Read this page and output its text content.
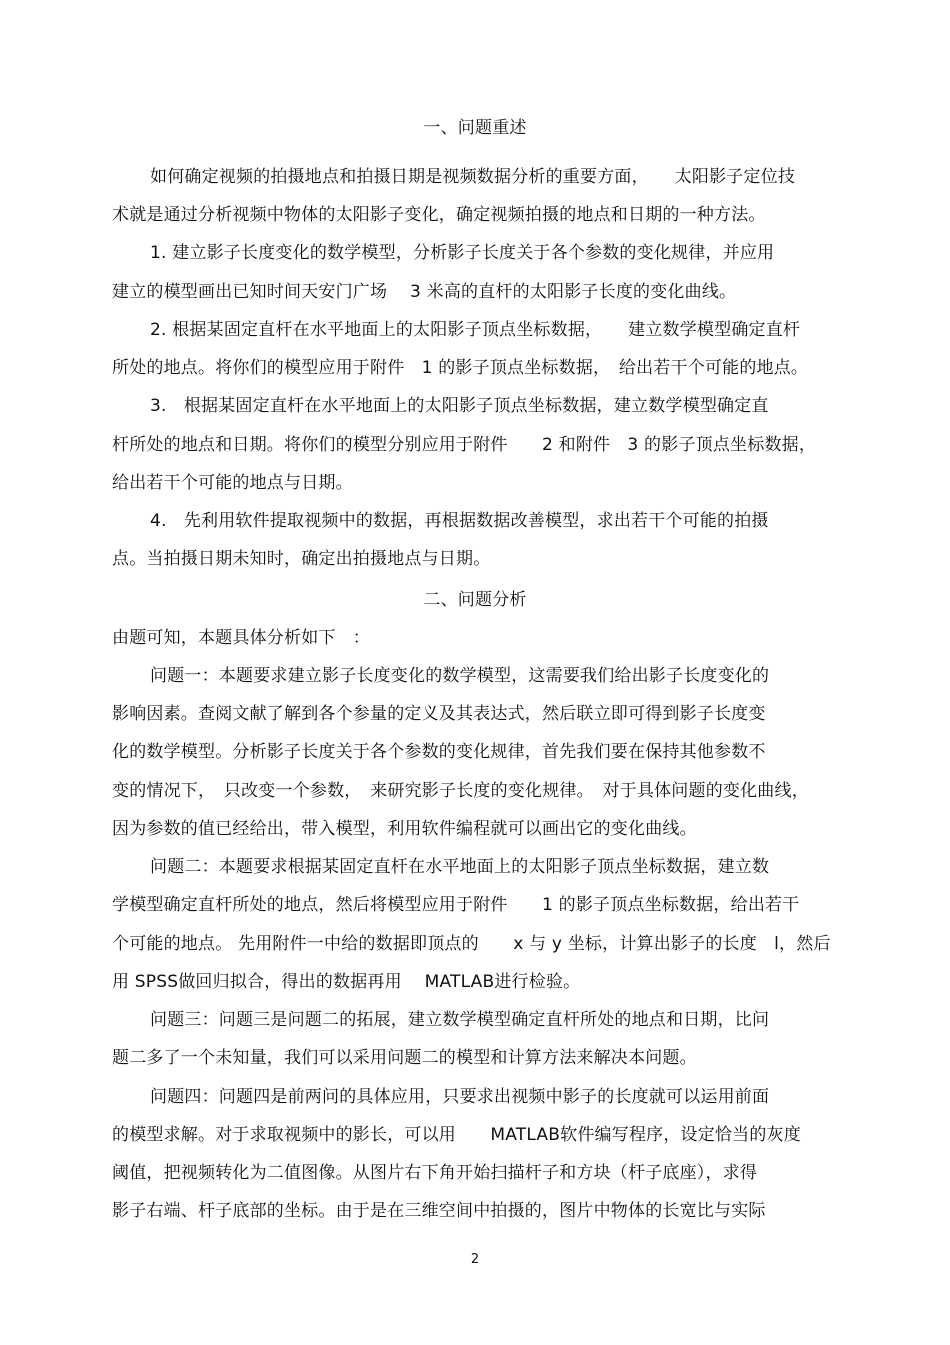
一、问题重述
如何确定视频的拍摄地点和拍摄日期是视频数据分析的重要方面，　　太阳影子定位技
术就是通过分析视频中物体的太阳影子变化，确定视频拍摄的地点和日期的一种方法。
1. 建立影子长度变化的数学模型，分析影子长度关于各个参数的变化规律，并应用
建立的模型画出已知时间天安门广场　 3 米高的直杆的太阳影子长度的变化曲线。
2. 根据某固定直杆在水平地面上的太阳影子顶点坐标数据，　　建立数学模型确定直杆
所处的地点。将你们的模型应用于附件　1 的影子顶点坐标数据，　给出若干个可能的地点。
3.　根据某固定直杆在水平地面上的太阳影子顶点坐标数据，建立数学模型确定直
杆所处的地点和日期。将你们的模型分别应用于附件　　2 和附件　3 的影子顶点坐标数据，
给出若干个可能的地点与日期。
4.　先利用软件提取视频中的数据，再根据数据改善模型，求出若干个可能的拍摄
点。当拍摄日期未知时，确定出拍摄地点与日期。
二、问题分析
由题可知，本题具体分析如下　：
问题一：本题要求建立影子长度变化的数学模型，这需要我们给出影子长度变化的
影响因素。查阅文献了解到各个参量的定义及其表达式，然后联立即可得到影子长度变
化的数学模型。分析影子长度关于各个参数的变化规律，首先我们要在保持其他参数不
变的情况下，　只改变一个参数，　来研究影子长度的变化规律。　对于具体问题的变化曲线，
因为参数的值已经给出，带入模型，利用软件编程就可以画出它的变化曲线。
问题二：本题要求根据某固定直杆在水平地面上的太阳影子顶点坐标数据，建立数
学模型确定直杆所处的地点，然后将模型应用于附件　　1 的影子顶点坐标数据，给出若干
个可能的地点。 先用附件一中给的数据即顶点的　　x 与 y 坐标，计算出影子的长度　l，然后
用 SPSS做回归拟合，得出的数据再用　 MATLAB进行检验。
问题三：问题三是问题二的拓展，建立数学模型确定直杆所处的地点和日期，比问
题二多了一个未知量，我们可以采用问题二的模型和计算方法来解决本问题。
问题四：问题四是前两问的具体应用，只要求出视频中影子的长度就可以运用前面
的模型求解。对于求取视频中的影长，可以用　　MATLAB软件编写程序，设定恰当的灰度
阈值，把视频转化为二值图像。从图片右下角开始扫描杆子和方块（杆子底座），求得
影子右端、杆子底部的坐标。由于是在三维空间中拍摄的，图片中物体的长宽比与实际
2
